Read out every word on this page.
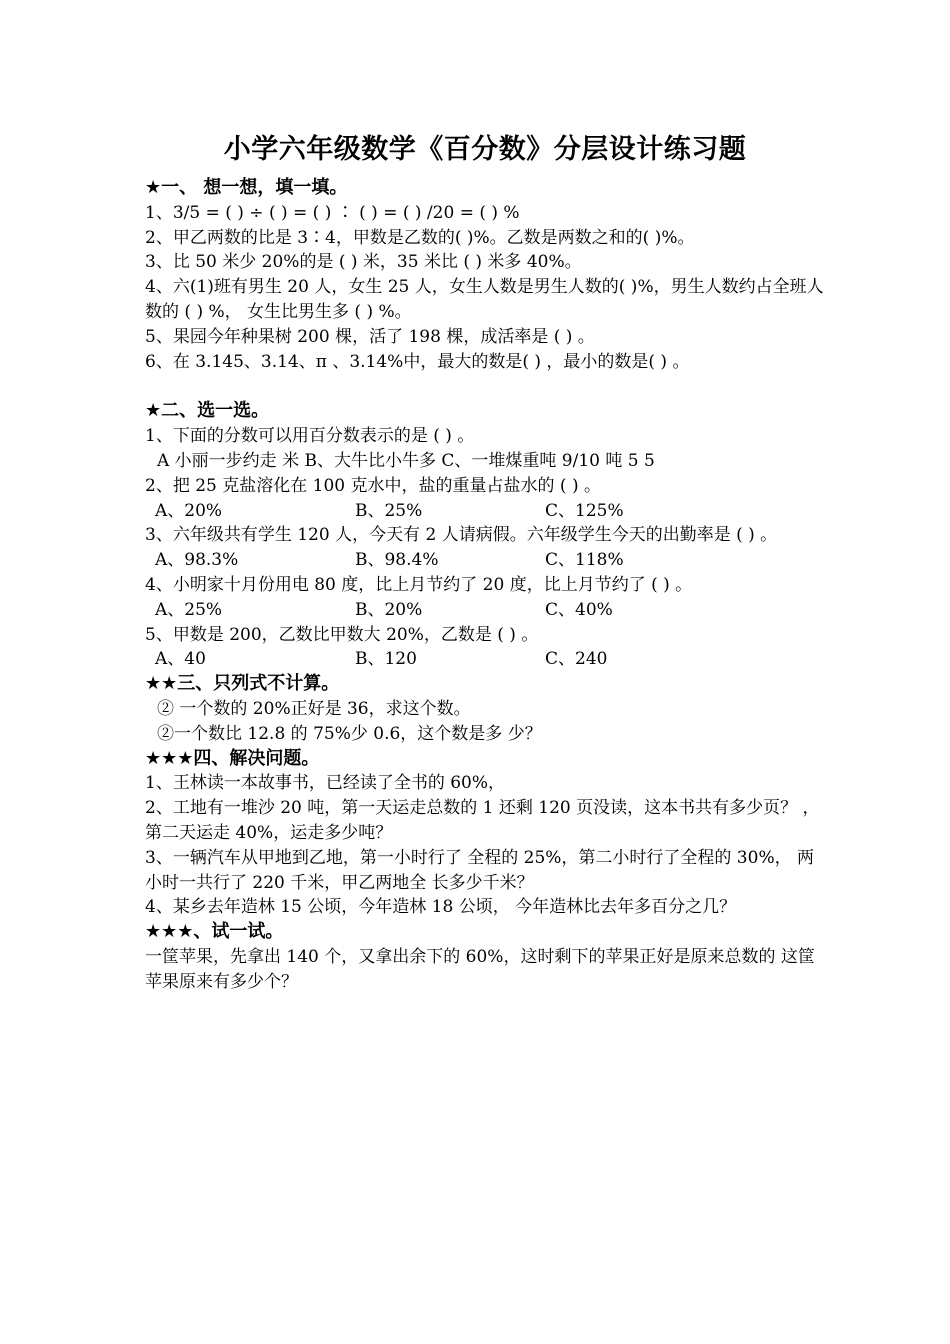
小学六年级数学《百分数》分层设计练习题
★一、 想一想，填一填。
1、3/5 = ( ) ÷ ( ) = ( ) ∶ ( ) = ( ) /20 = ( ) %
2、甲乙两数的比是 3∶4，甲数是乙数的( )%。乙数是两数之和的( )%。
3、比 50 米少 20%的是 ( ) 米，35 米比 ( ) 米多 40%。
4、六(1)班有男生 20 人，女生 25 人，女生人数是男生人数的( )%，男生人数约占全班人 数的 ( ) %， 女生比男生多 ( ) %。
5、果园今年种果树 200 棵，活了 198 棵，成活率是 ( ) 。
6、在 3.145、3.14、π 、3.14%中，最大的数是( ) ，最小的数是( ) 。
★二、选一选。
1、下面的分数可以用百分数表示的是 ( ) 。
A 小丽一步约走 米 B、大牛比小牛多 C、一堆煤重吨 9/10 吨 5 5
2、把 25 克盐溶化在 100 克水中，盐的重量占盐水的 ( ) 。
A、20%	B、25%	C、125%
3、六年级共有学生 120 人，今天有 2 人请病假。六年级学生今天的出勤率是 ( ) 。
A、98.3%	B、98.4%	C、118%
4、小明家十月份用电 80 度，比上月节约了 20 度，比上月节约了 ( ) 。
A、25%	B、20%	C、40%
5、甲数是 200，乙数比甲数大 20%，乙数是 ( ) 。
A、40	B、120	C、240
★★三、只列式不计算。
② 一个数的 20%正好是 36，求这个数。
②一个数比 12.8 的 75%少 0.6，这个数是多 少？
★★★四、解决问题。
1、王林读一本故事书，已经读了全书的 60%，
2、工地有一堆沙 20 吨，第一天运走总数的 1 还剩 120 页没读，这本书共有多少页？ ，第二天运走 40%，运走多少吨？
3、一辆汽车从甲地到乙地，第一小时行了 全程的 25%，第二小时行了全程的 30%， 两小时一共行了 220 千米，甲乙两地全 长多少千米？
4、某乡去年造林 15 公顷，今年造林 18 公顷， 今年造林比去年多百分之几？
★★★、试一试。
一筐苹果，先拿出 140 个，又拿出余下的 60%，这时剩下的苹果正好是原来总数的 这筐苹果原来有多少个？
